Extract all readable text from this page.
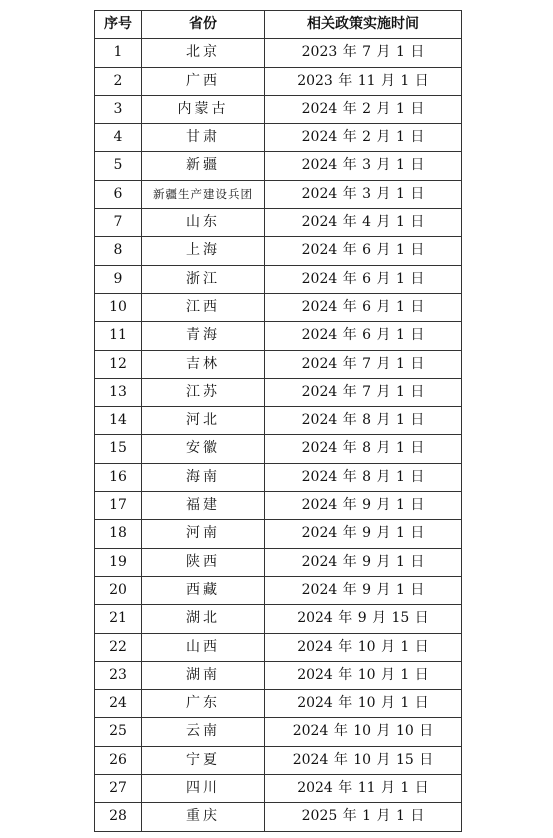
序号	省份	相关政策实施时间
1	北京	2023 年 7 月 1 日
2	广西	2023 年 11 月 1 日
3	内蒙古	2024 年 2 月 1 日
4	甘肃	2024 年 2 月 1 日
5	新疆	2024 年 3 月 1 日
6	新疆生产建设兵团	2024 年 3 月 1 日
7	山东	2024 年 4 月 1 日
8	上海	2024 年 6 月 1 日
9	浙江	2024 年 6 月 1 日
10	江西	2024 年 6 月 1 日
11	青海	2024 年 6 月 1 日
12	吉林	2024 年 7 月 1 日
13	江苏	2024 年 7 月 1 日
14	河北	2024 年 8 月 1 日
15	安徽	2024 年 8 月 1 日
16	海南	2024 年 8 月 1 日
17	福建	2024 年 9 月 1 日
18	河南	2024 年 9 月 1 日
19	陕西	2024 年 9 月 1 日
20	西藏	2024 年 9 月 1 日
21	湖北	2024 年 9 月 15 日
22	山西	2024 年 10 月 1 日
23	湖南	2024 年 10 月 1 日
24	广东	2024 年 10 月 1 日
25	云南	2024 年 10 月 10 日
26	宁夏	2024 年 10 月 15 日
27	四川	2024 年 11 月 1 日
28	重庆	2025 年 1 月 1 日
